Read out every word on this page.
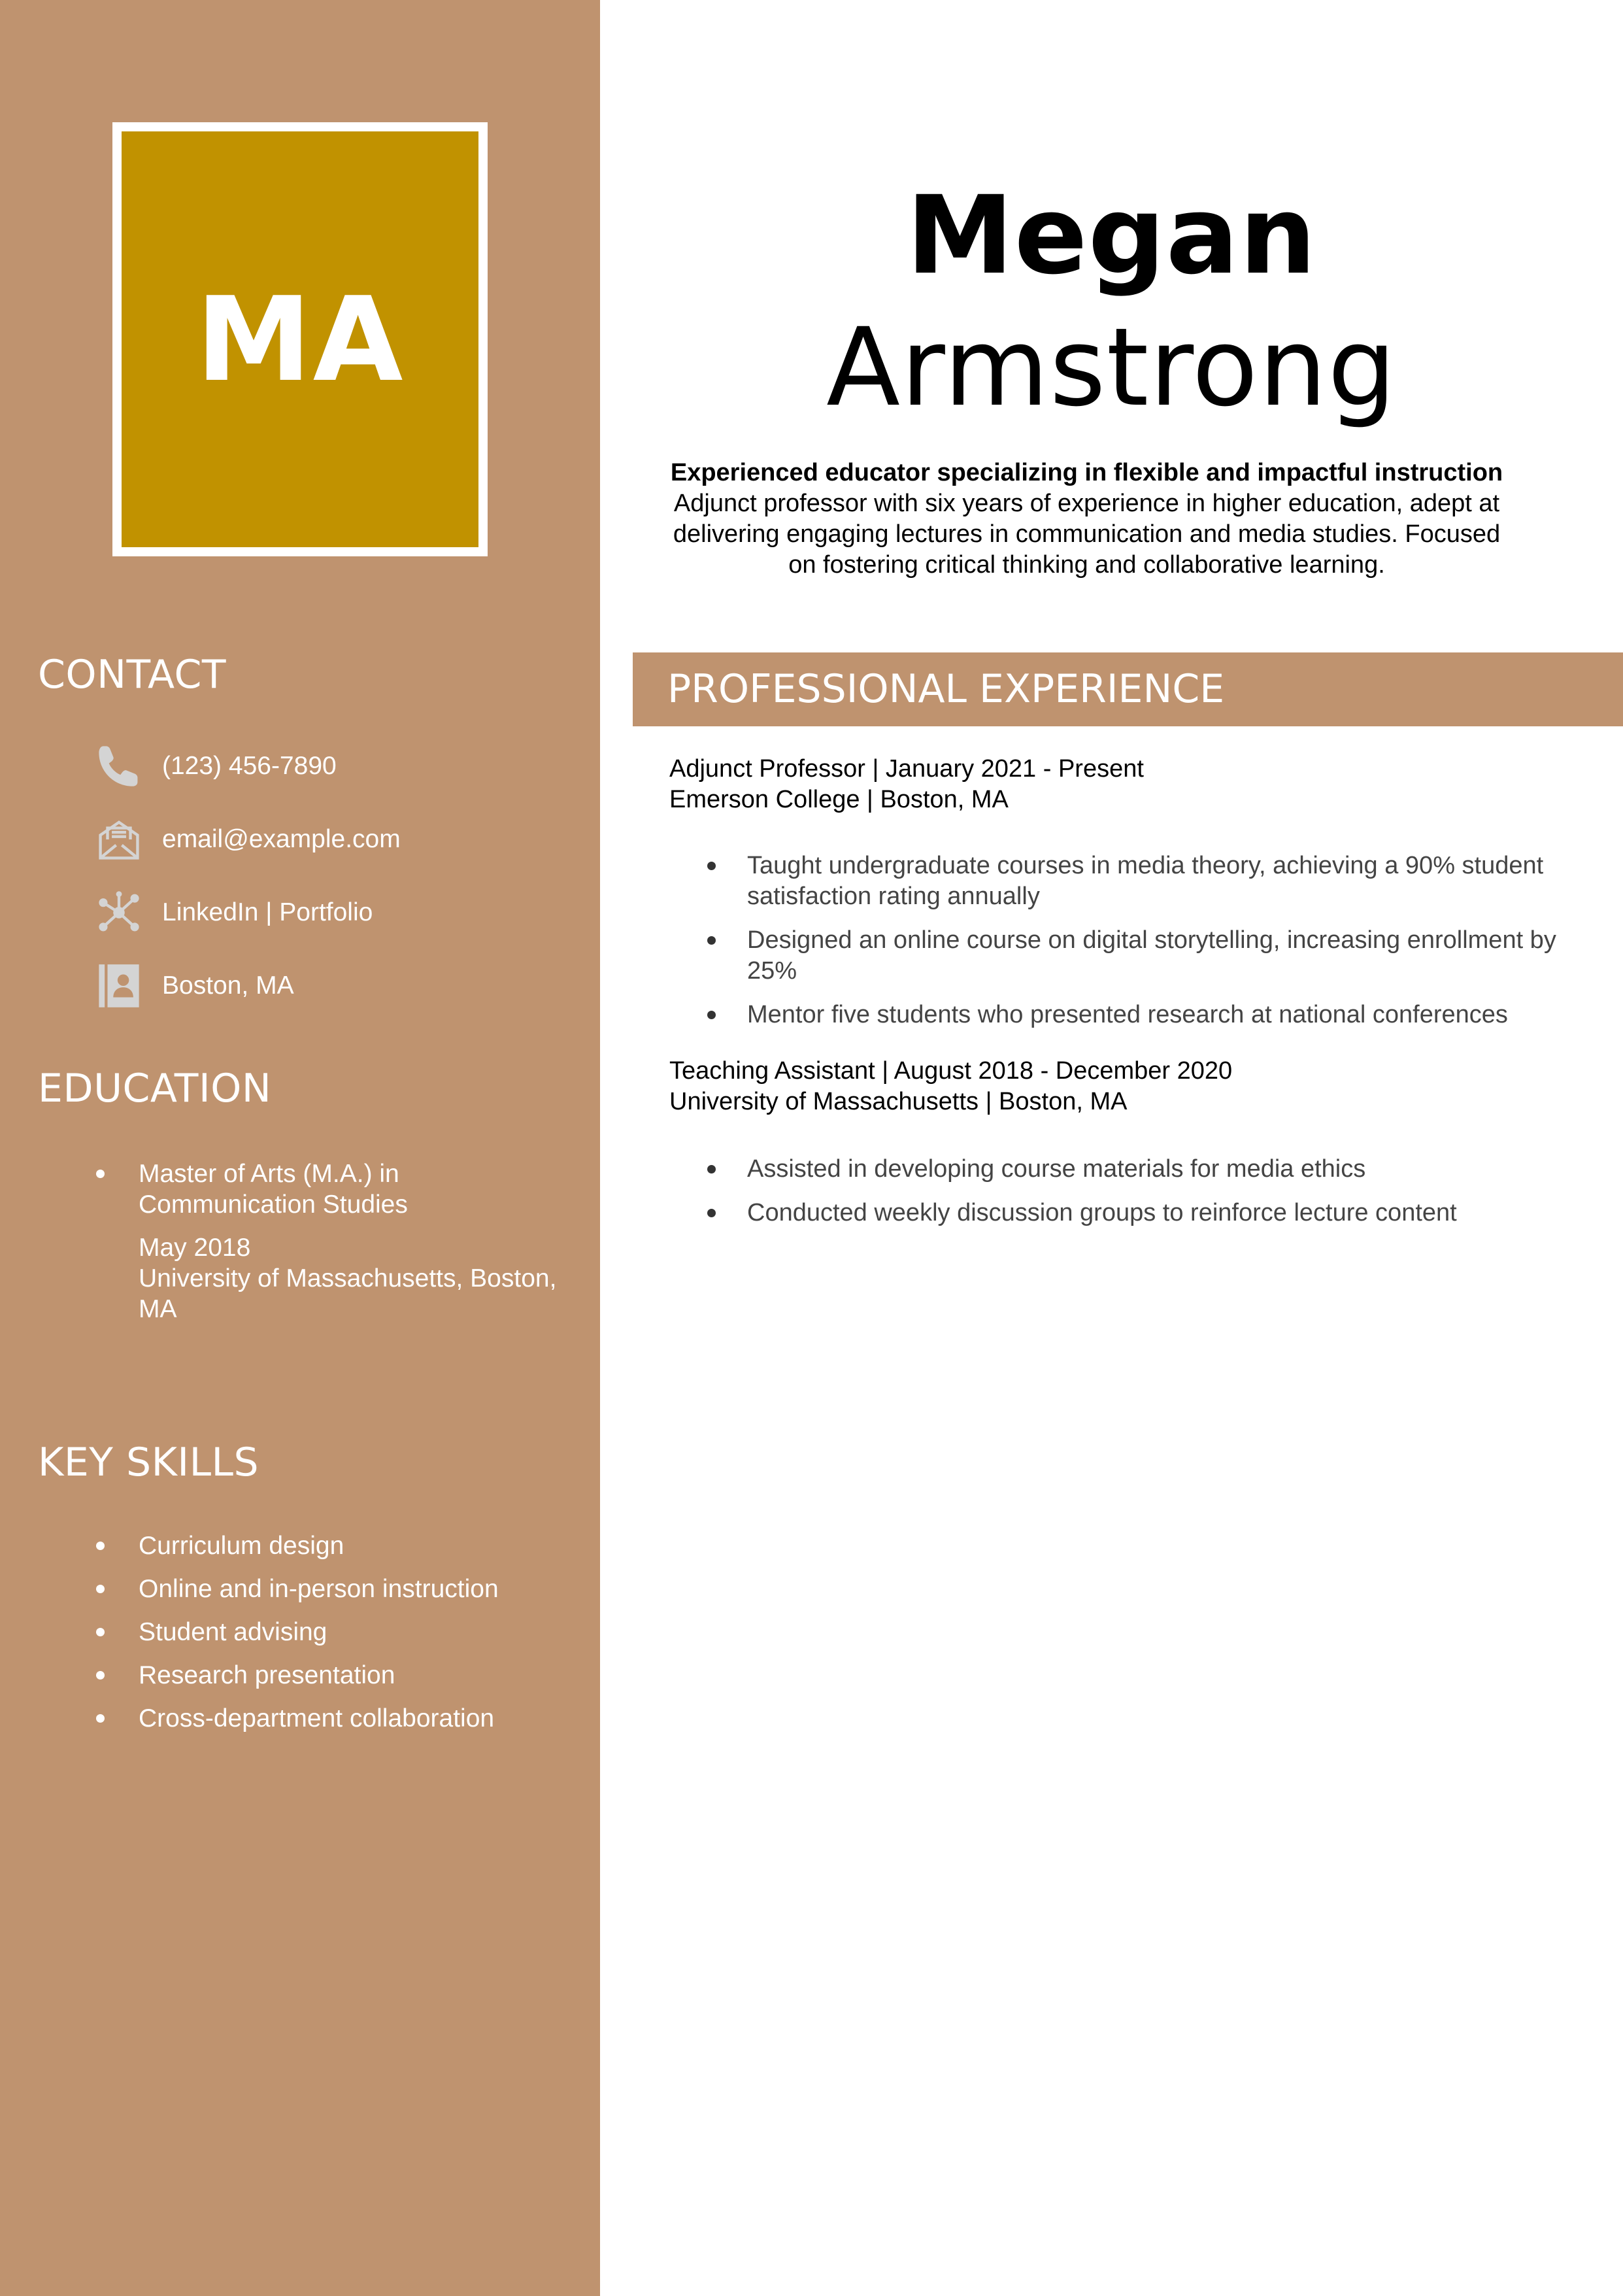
MA
CONTACT
(123) 456-7890
email@example.com
LinkedIn | Portfolio
Boston, MA
EDUCATION
Master of Arts (M.A.) in
Communication Studies
May 2018
University of Massachusetts, Boston,
MA
KEY SKILLS
Curriculum design
Online and in-person instruction
Student advising
Research presentation
Cross-department collaboration
Megan
Armstrong
Experienced educator specializing in flexible and impactful instruction
Adjunct professor with six years of experience in higher education, adept at
delivering engaging lectures in communication and media studies. Focused
on fostering critical thinking and collaborative learning.
PROFESSIONAL EXPERIENCE
Adjunct Professor | January 2021 - Present
Emerson College | Boston, MA
Taught undergraduate courses in media theory, achieving a 90% student
satisfaction rating annually
Designed an online course on digital storytelling, increasing enrollment by
25%
Mentor five students who presented research at national conferences
Teaching Assistant | August 2018 - December 2020
University of Massachusetts | Boston, MA
Assisted in developing course materials for media ethics
Conducted weekly discussion groups to reinforce lecture content
